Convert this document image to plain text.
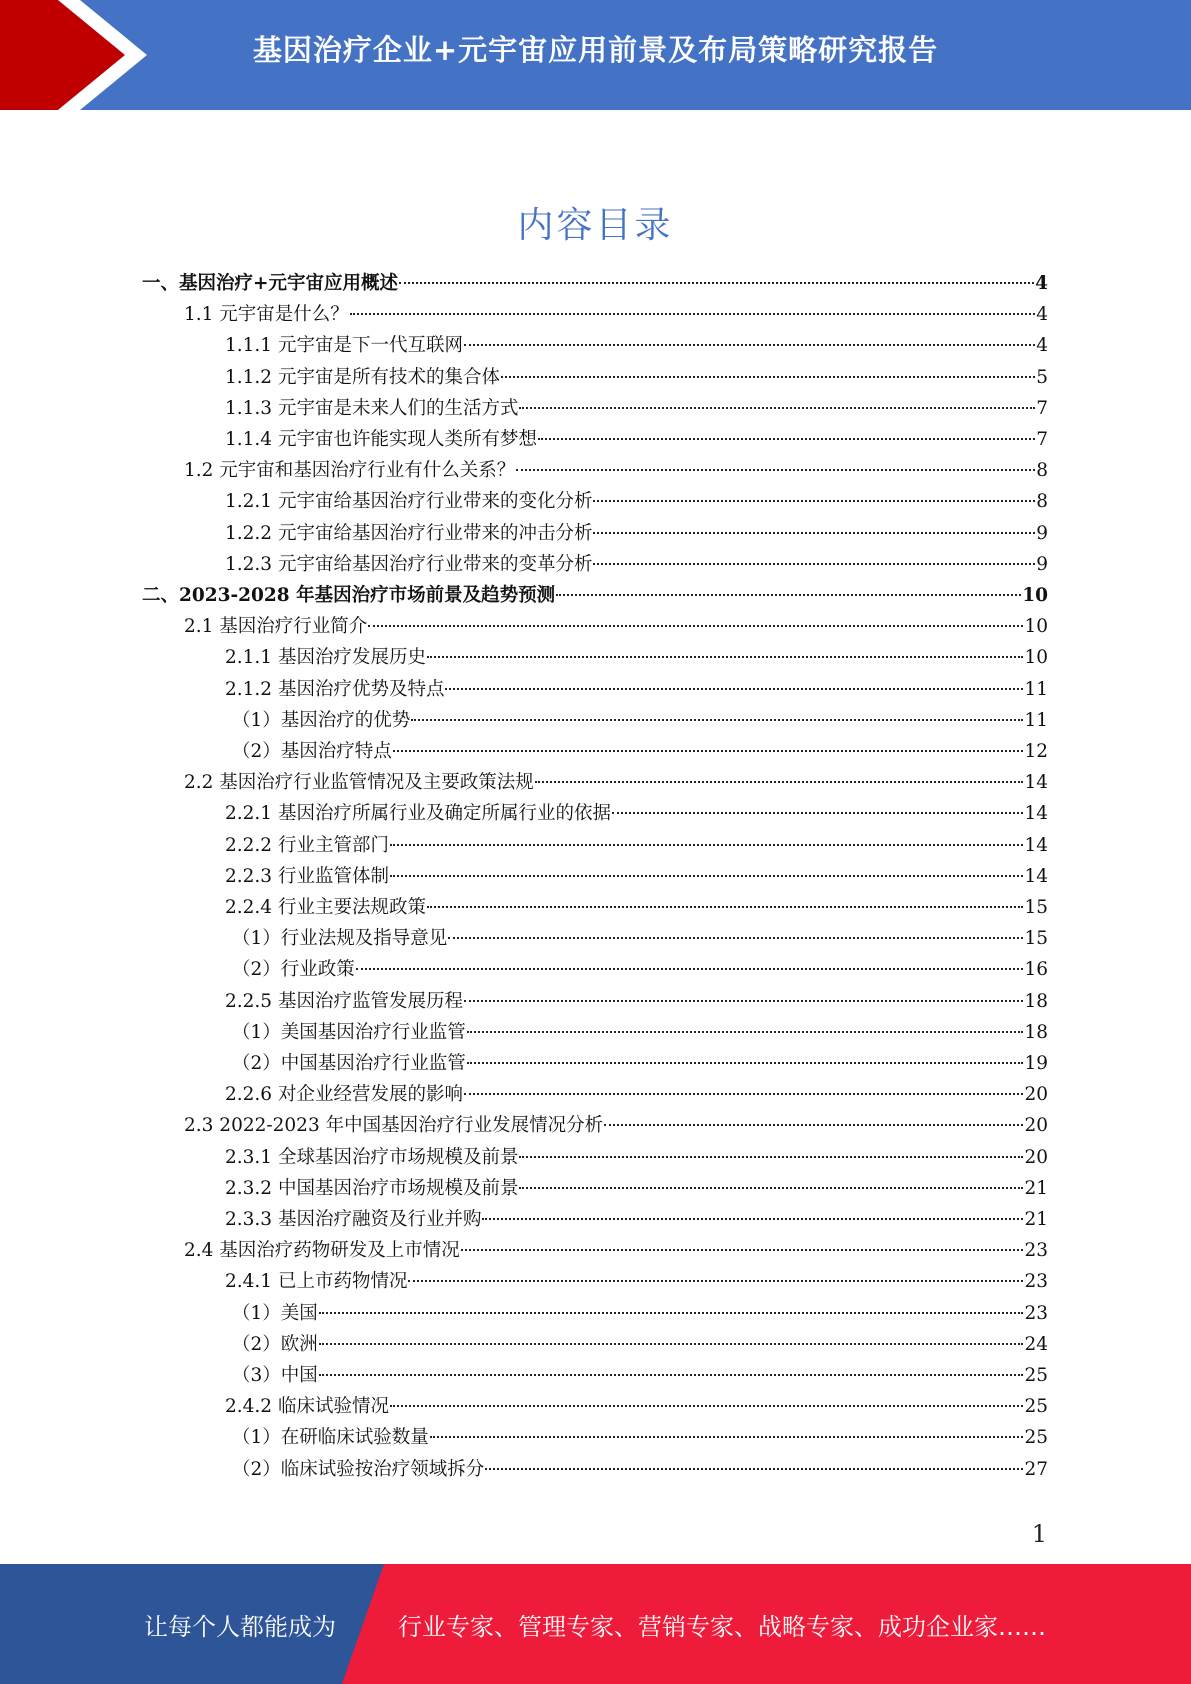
基因治疗企业+元宇宙应用前景及布局策略研究报告
内容目录
一、基因治疗+元宇宙应用概述	4
1.1 元宇宙是什么？	4
1.1.1 元宇宙是下一代互联网	4
1.1.2 元宇宙是所有技术的集合体	5
1.1.3 元宇宙是未来人们的生活方式	7
1.1.4 元宇宙也许能实现人类所有梦想	7
1.2 元宇宙和基因治疗行业有什么关系？	8
1.2.1 元宇宙给基因治疗行业带来的变化分析	8
1.2.2 元宇宙给基因治疗行业带来的冲击分析	9
1.2.3 元宇宙给基因治疗行业带来的变革分析	9
二、2023-2028 年基因治疗市场前景及趋势预测	10
2.1 基因治疗行业简介	10
2.1.1 基因治疗发展历史	10
2.1.2 基因治疗优势及特点	11
（1）基因治疗的优势	11
（2）基因治疗特点	12
2.2 基因治疗行业监管情况及主要政策法规	14
2.2.1 基因治疗所属行业及确定所属行业的依据	14
2.2.2 行业主管部门	14
2.2.3 行业监管体制	14
2.2.4 行业主要法规政策	15
（1）行业法规及指导意见	15
（2）行业政策	16
2.2.5 基因治疗监管发展历程	18
（1）美国基因治疗行业监管	18
（2）中国基因治疗行业监管	19
2.2.6 对企业经营发展的影响	20
2.3 2022-2023 年中国基因治疗行业发展情况分析	20
2.3.1 全球基因治疗市场规模及前景	20
2.3.2 中国基因治疗市场规模及前景	21
2.3.3 基因治疗融资及行业并购	21
2.4 基因治疗药物研发及上市情况	23
2.4.1 已上市药物情况	23
（1）美国	23
（2）欧洲	24
（3）中国	25
2.4.2 临床试验情况	25
（1）在研临床试验数量	25
（2）临床试验按治疗领域拆分	27
1
让每个人都能成为	行业专家、管理专家、营销专家、战略专家、成功企业家……
